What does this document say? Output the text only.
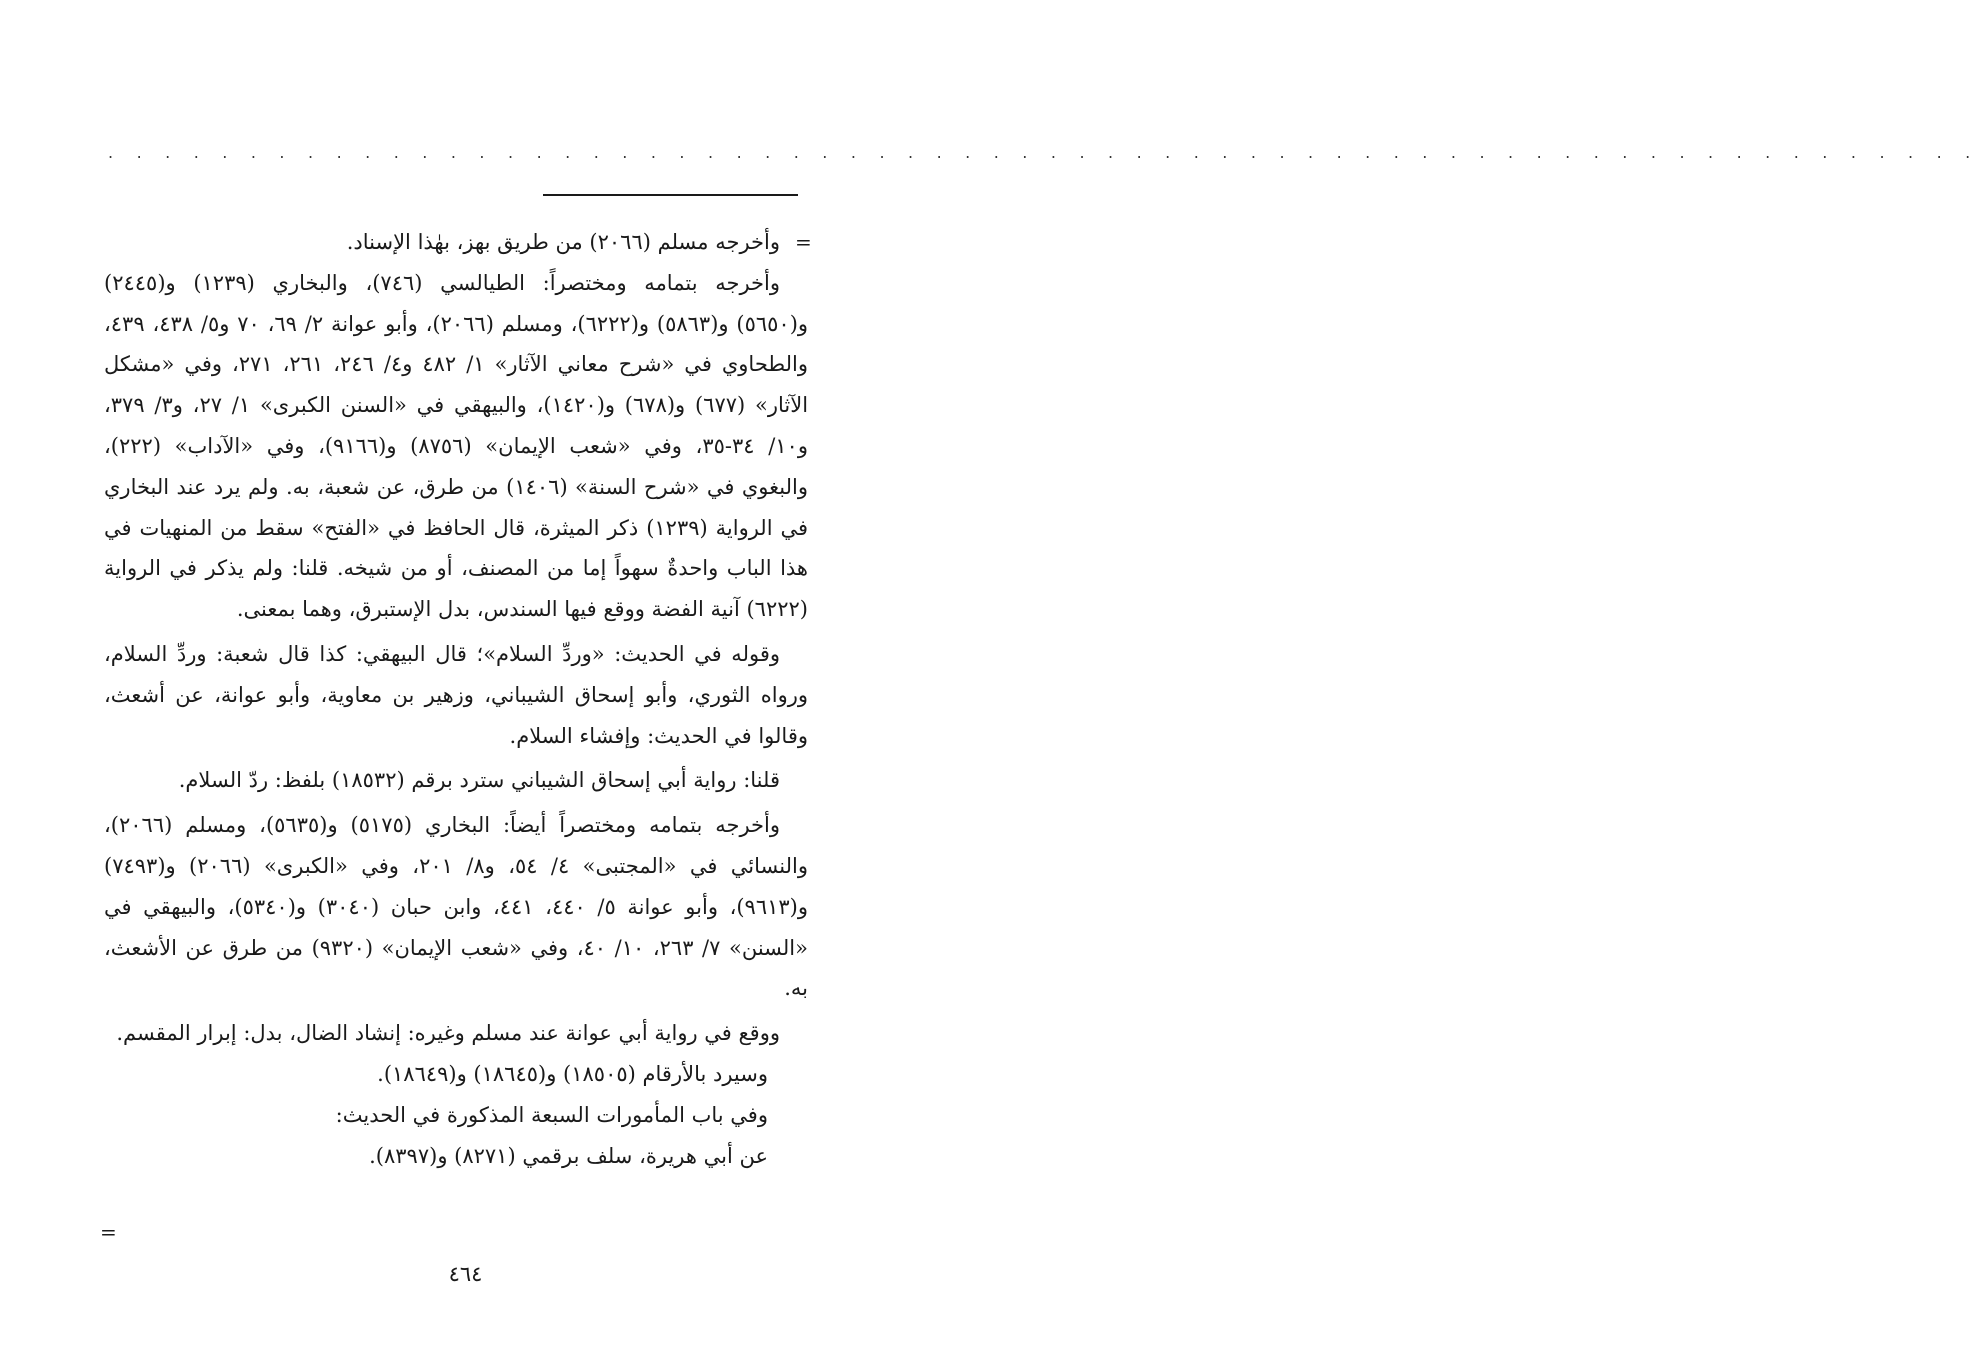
. . . . . . . . . . . . . . . . . . . . . . . . . . . . . . . . . . . . . . . . . . . . . . . . . . . . . . . . . . . . . . . . . .
=

وأخرجه مسلم (٢٠٦٦) من طريق بهز، بهٰذا الإسناد.

وأخرجه بتمامه ومختصراً: الطيالسي (٧٤٦)، والبخاري (١٢٣٩) و(٢٤٤٥) و(٥٦٥٠) و(٥٨٦٣) و(٦٢٢٢)، ومسلم (٢٠٦٦)، وأبو عوانة ٢/ ٦٩، ٧٠ و٥/ ٤٣٨، ٤٣٩، والطحاوي في «شرح معاني الآثار» ١/ ٤٨٢ و٤/ ٢٤٦، ٢٦١، ٢٧١، وفي «مشكل الآثار» (٦٧٧) و(٦٧٨) و(١٤٢٠)، والبيهقي في «السنن الكبرى» ١/ ٢٧، و٣/ ٣٧٩، و١٠/ ٣٤-٣٥، وفي «شعب الإيمان» (٨٧٥٦) و(٩١٦٦)، وفي «الآداب» (٢٢٢)، والبغوي في «شرح السنة» (١٤٠٦) من طرق، عن شعبة، به. ولم يرد عند البخاري في الرواية (١٢٣٩) ذكر الميثرة، قال الحافظ في «الفتح» سقط من المنهيات في هذا الباب واحدةٌ سهواً إما من المصنف، أو من شيخه. قلنا: ولم يذكر في الرواية (٦٢٢٢) آنية الفضة ووقع فيها السندس، بدل الإستبرق، وهما بمعنى.

وقوله في الحديث: «وردِّ السلام»؛ قال البيهقي: كذا قال شعبة: وردِّ السلام، ورواه الثوري، وأبو إسحاق الشيباني، وزهير بن معاوية، وأبو عوانة، عن أشعث، وقالوا في الحديث: وإفشاء السلام.

قلنا: رواية أبي إسحاق الشيباني سترد برقم (١٨٥٣٢) بلفظ: ردّ السلام.

وأخرجه بتمامه ومختصراً أيضاً: البخاري (٥١٧٥) و(٥٦٣٥)، ومسلم (٢٠٦٦)، والنسائي في «المجتبى» ٤/ ٥٤، و٨/ ٢٠١، وفي «الكبرى» (٢٠٦٦) و(٧٤٩٣) و(٩٦١٣)، وأبو عوانة ٥/ ٤٤٠، ٤٤١، وابن حبان (٣٠٤٠) و(٥٣٤٠)، والبيهقي في «السنن» ٧/ ٢٦٣، ١٠/ ٤٠، وفي «شعب الإيمان» (٩٣٢٠) من طرق عن الأشعث، به.

ووقع في رواية أبي عوانة عند مسلم وغيره: إنشاد الضال، بدل: إبرار المقسم.

وسيرد بالأرقام (١٨٥٠٥) و(١٨٦٤٥) و(١٨٦٤٩).

وفي باب المأمورات السبعة المذكورة في الحديث:

عن أبي هريرة، سلف برقمي (٨٢٧١) و(٨٣٩٧).

=
٤٦٤
